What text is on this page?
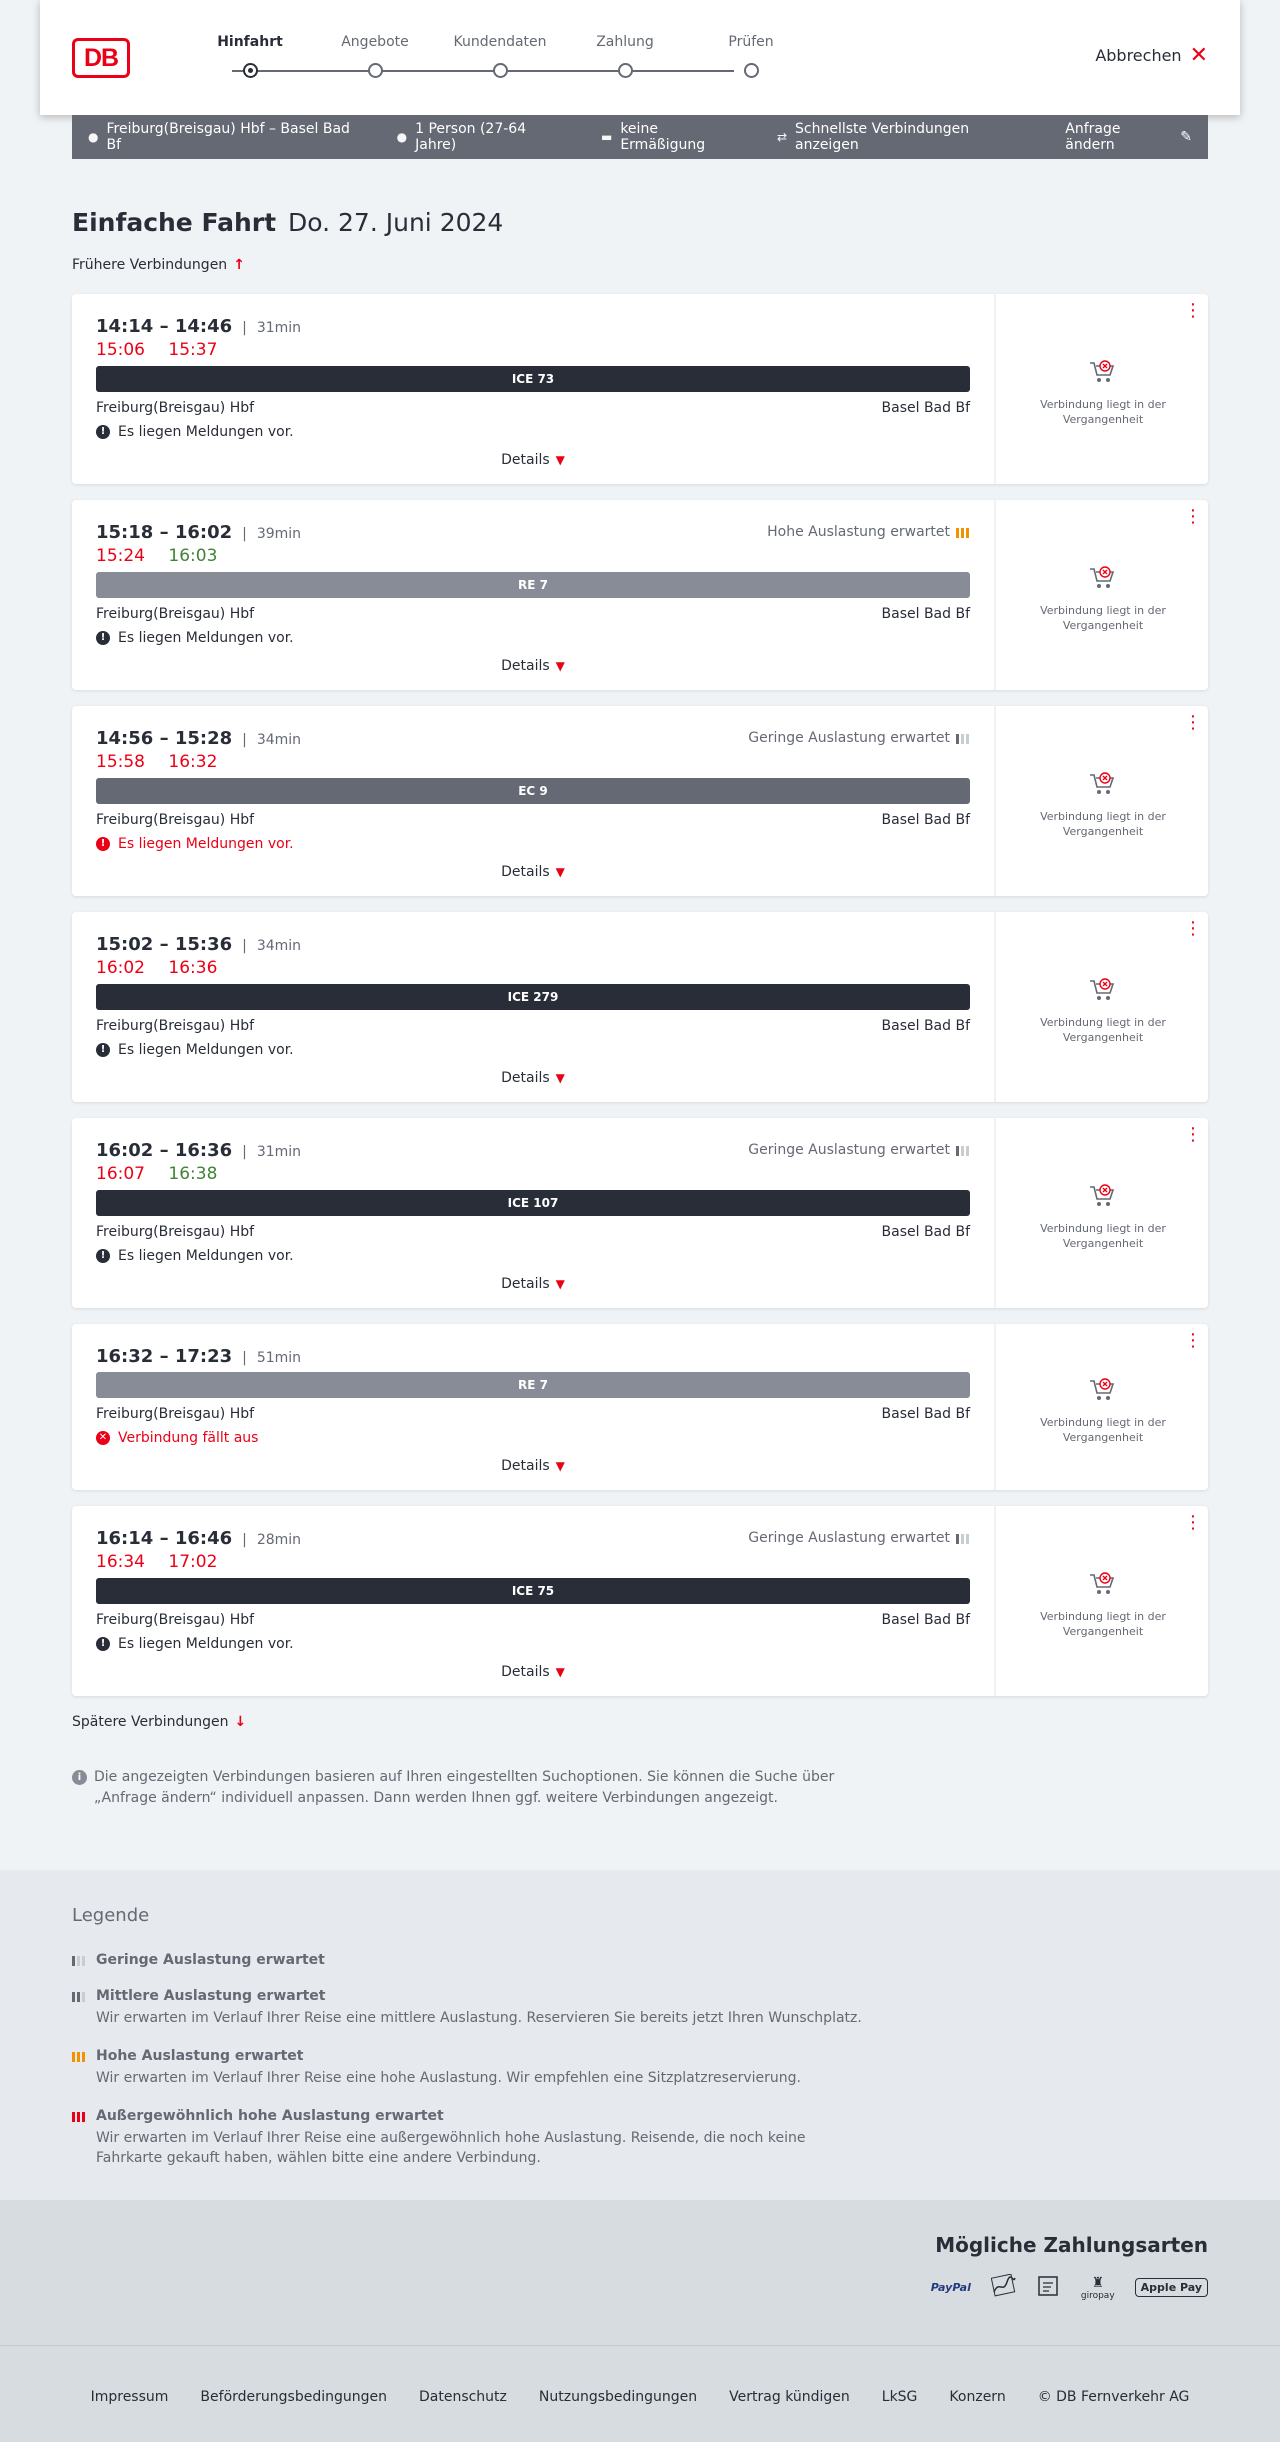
DB
Hinfahrt	Angebote	Kundendaten	Zahlung	Prüfen
Abbrechen ✕
● Freiburg(Breisgau) Hbf – Basel Bad Bf	● 1 Person (27-64 Jahre)	▬ keine Ermäßigung	⇄ Schnellste Verbindungen anzeigen
Anfrage ändern	✎
Einfache Fahrt Do. 27. Juni 2024
Frühere Verbindungen ↑
14:14 – 14:46 | 31min
15:06 15:37
ICE 73
Freiburg(Breisgau) Hbf	Basel Bad Bf
! Es liegen Meldungen vor.
Details ▼
⋮
Verbindung liegt in der Vergangenheit
15:18 – 16:02 | 39min
15:24 16:03
Hohe Auslastung erwartet
RE 7
Freiburg(Breisgau) Hbf	Basel Bad Bf
! Es liegen Meldungen vor.
Details ▼
⋮
Verbindung liegt in der Vergangenheit
14:56 – 15:28 | 34min
15:58 16:32
Geringe Auslastung erwartet
EC 9
Freiburg(Breisgau) Hbf	Basel Bad Bf
! Es liegen Meldungen vor.
Details ▼
⋮
Verbindung liegt in der Vergangenheit
15:02 – 15:36 | 34min
16:02 16:36
ICE 279
Freiburg(Breisgau) Hbf	Basel Bad Bf
! Es liegen Meldungen vor.
Details ▼
⋮
Verbindung liegt in der Vergangenheit
16:02 – 16:36 | 31min
16:07 16:38
Geringe Auslastung erwartet
ICE 107
Freiburg(Breisgau) Hbf	Basel Bad Bf
! Es liegen Meldungen vor.
Details ▼
⋮
Verbindung liegt in der Vergangenheit
16:32 – 17:23 | 51min
RE 7
Freiburg(Breisgau) Hbf	Basel Bad Bf
✕ Verbindung fällt aus
Details ▼
⋮
Verbindung liegt in der Vergangenheit
16:14 – 16:46 | 28min
16:34 17:02
Geringe Auslastung erwartet
ICE 75
Freiburg(Breisgau) Hbf	Basel Bad Bf
! Es liegen Meldungen vor.
Details ▼
⋮
Verbindung liegt in der Vergangenheit
Spätere Verbindungen ↓
i Die angezeigten Verbindungen basieren auf Ihren eingestellten Suchoptionen. Sie können die Suche über „Anfrage ändern“ individuell anpassen. Dann werden Ihnen ggf. weitere Verbindungen angezeigt.
Legende
Geringe Auslastung erwartet
Mittlere Auslastung erwartet
Wir erwarten im Verlauf Ihrer Reise eine mittlere Auslastung. Reservieren Sie bereits jetzt Ihren Wunschplatz.
Hohe Auslastung erwartet
Wir erwarten im Verlauf Ihrer Reise eine hohe Auslastung. Wir empfehlen eine Sitzplatzreservierung.
Außergewöhnlich hohe Auslastung erwartet
Wir erwarten im Verlauf Ihrer Reise eine außergewöhnlich hohe Auslastung. Reisende, die noch keine Fahrkarte gekauft haben, wählen bitte eine andere Verbindung.
Mögliche Zahlungsarten
PayPal	♜
giropay
Apple Pay
Impressum Beförderungsbedingungen Datenschutz Nutzungsbedingungen Vertrag kündigen LkSG Konzern © DB Fernverkehr AG
